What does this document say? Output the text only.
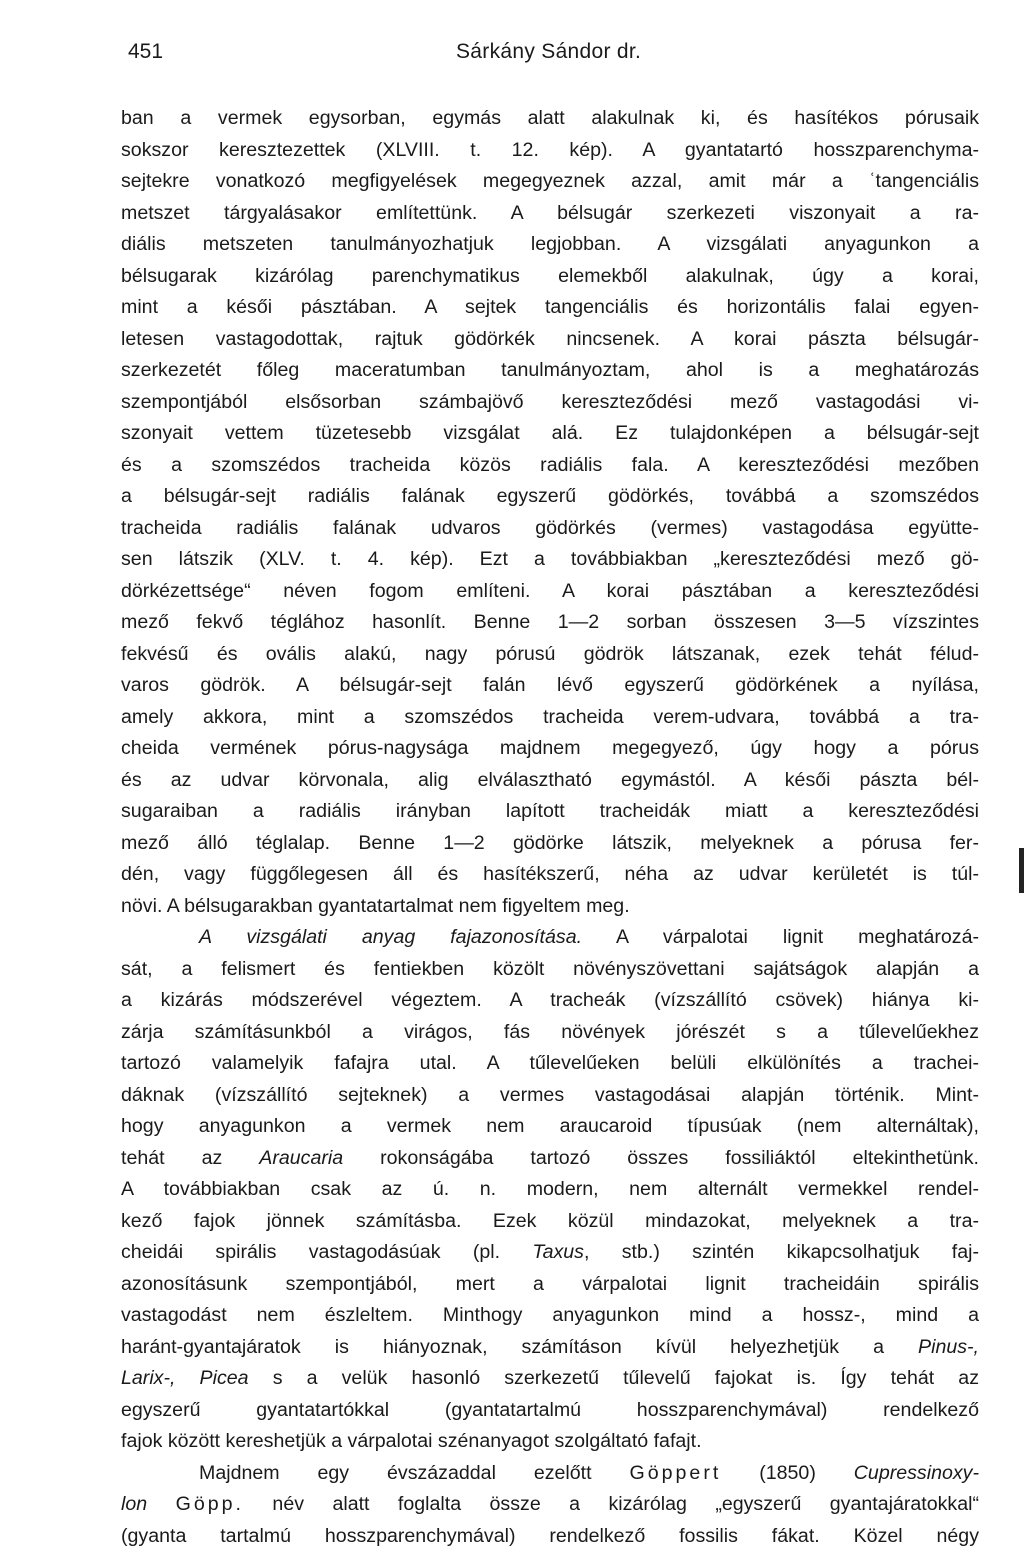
451	Sárkány Sándor dr.
ban a vermek egysorban, egymás alatt alakulnak ki, és hasítékos pórusaik
sokszor keresztezettek (XLVIII. t. 12. kép). A gyantatartó hosszparenchyma-
sejtekre vonatkozó megfigyelések megegyeznek azzal, amit már a ʿtangenciális
metszet tárgyalásakor említettünk. A bélsugár szerkezeti viszonyait a ra-
diális metszeten tanulmányozhatjuk legjobban. A vizsgálati anyagunkon a
bélsugarak kizárólag parenchymatikus elemekből alakulnak, úgy a korai,
mint a késői pásztában. A sejtek tangenciális és horizontális falai egyen-
letesen vastagodottak, rajtuk gödörkék nincsenek. A korai pászta bélsugár-
szerkezetét főleg maceratumban tanulmányoztam, ahol is a meghatározás
szempontjából elsősorban számbajövő kereszteződési mező vastagodási vi-
szonyait vettem tüzetesebb vizsgálat alá. Ez tulajdonképen a bélsugár-sejt
és a szomszédos tracheida közös radiális fala. A kereszteződési mezőben
a bélsugár-sejt radiális falának egyszerű gödörkés, továbbá a szomszédos
tracheida radiális falának udvaros gödörkés (vermes) vastagodása együtte-
sen látszik (XLV. t. 4. kép). Ezt a továbbiakban „kereszteződési mező gö-
dörkézettsége“ néven fogom említeni. A korai pásztában a kereszteződési
mező fekvő téglához hasonlít. Benne 1—2 sorban összesen 3—5 vízszintes
fekvésű és ovális alakú, nagy pórusú gödrök látszanak, ezek tehát félud-
varos gödrök. A bélsugár-sejt falán lévő egyszerű gödörkének a nyílása,
amely akkora, mint a szomszédos tracheida verem-udvara, továbbá a tra-
cheida vermének pórus-nagysága majdnem megegyező, úgy hogy a pórus
és az udvar körvonala, alig elválasztható egymástól. A késői pászta bél-
sugaraiban a radiális irányban lapított tracheidák miatt a kereszteződési
mező álló téglalap. Benne 1—2 gödörke látszik, melyeknek a pórusa fer-
dén, vagy függőlegesen áll és hasítékszerű, néha az udvar kerületét is túl-
növi. A bélsugarakban gyantatartalmat nem figyeltem meg.
A vizsgálati anyag fajazonosítása. A várpalotai lignit meghatározá-
sát, a felismert és fentiekben közölt növényszövettani sajátságok alapján a
a kizárás módszerével végeztem. A tracheák (vízszállító csövek) hiánya ki-
zárja számításunkból a virágos, fás növények jórészét s a tűlevelűekhez
tartozó valamelyik fafajra utal. A tűlevelűeken belüli elkülönítés a trachei-
dáknak (vízszállító sejteknek) a vermes vastagodásai alapján történik. Mint-
hogy anyagunkon a vermek nem araucaroid típusúak (nem alternáltak),
tehát az Araucaria rokonságába tartozó összes fossiliáktól eltekinthetünk.
A továbbiakban csak az ú. n. modern, nem alternált vermekkel rendel-
kező fajok jönnek számításba. Ezek közül mindazokat, melyeknek a tra-
cheidái spirális vastagodásúak (pl. Taxus, stb.) szintén kikapcsolhatjuk faj-
azonosításunk szempontjából, mert a várpalotai lignit tracheidáin spirális
vastagodást nem észleltem. Minthogy anyagunkon mind a hossz-, mind a
haránt-gyantajáratok is hiányoznak, számításon kívül helyezhetjük a Pinus-,
Larix-, Picea s a velük hasonló szerkezetű tűlevelű fajokat is. Így tehát az
egyszerű gyantatartókkal (gyantatartalmú hosszparenchymával) rendelkező
fajok között kereshetjük a várpalotai szénanyagot szolgáltató fafajt.
Majdnem egy évszázaddal ezelőtt Göppert (1850) Cupressinoxy-
lon Göpp. név alatt foglalta össze a kizárólag „egyszerű gyantajáratokkal“
(gyanta tartalmú hosszparenchymával) rendelkező fossilis fákat. Közel négy
